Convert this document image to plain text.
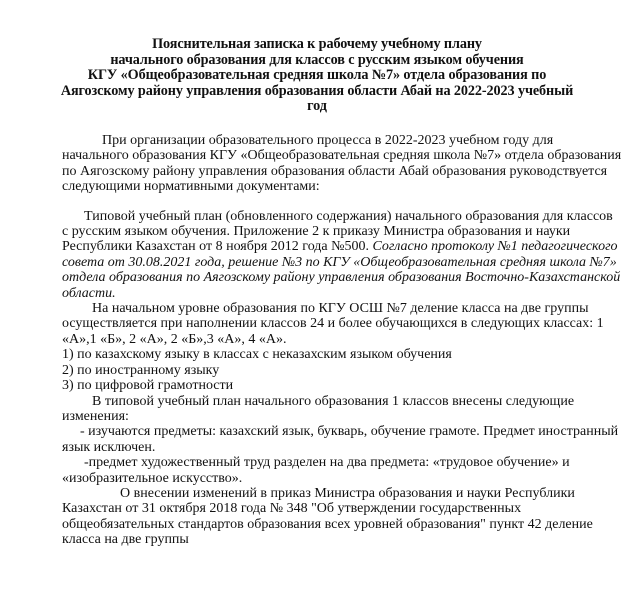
Пояснительная записка к рабочему учебному плану
начального образования для классов с русским языком обучения
КГУ «Общеобразовательная средняя школа №7» отдела образования по
Аягозскому району управления образования области Абай на 2022-2023 учебный
год

При организации образовательного процесса в 2022-2023 учебном году для начального образования КГУ «Общеобразовательная средняя школа №7» отдела образования по Аягозскому району управления образования области Абай образования руководствуется следующими нормативными документами:

Типовой учебный план (обновленного содержания) начального образования для классов с русским языком обучения. Приложение 2 к приказу Министра образования и науки Республики Казахстан от 8 ноября 2012 года №500. Согласно протоколу №1 педагогического совета от 30.08.2021 года, решение №3 по КГУ «Общеобразовательная средняя школа №7» отдела образования по Аягозскому району управления образования Восточно-Казахстанской области.

На начальном уровне образования по КГУ ОСШ №7 деление класса на две группы осуществляется при наполнении классов 24 и более обучающихся в следующих классах: 1 «А»,1 «Б», 2 «А», 2 «Б»,3 «А», 4 «А».

1) по казахскому языку в классах с неказахским языком обучения

2) по иностранному языку

3) по цифровой грамотности

В типовой учебный план начального образования 1 классов внесены следующие изменения:

- изучаются предметы: казахский язык, букварь, обучение грамоте. Предмет иностранный язык исключен.

-предмет художественный труд разделен на два предмета: «трудовое обучение» и «изобразительное искусство».

О внесении изменений в приказ Министра образования и науки Республики Казахстан от 31 октября 2018 года № 348 "Об утверждении государственных общеобязательных стандартов образования всех уровней образования" пункт 42 деление класса на две группы
